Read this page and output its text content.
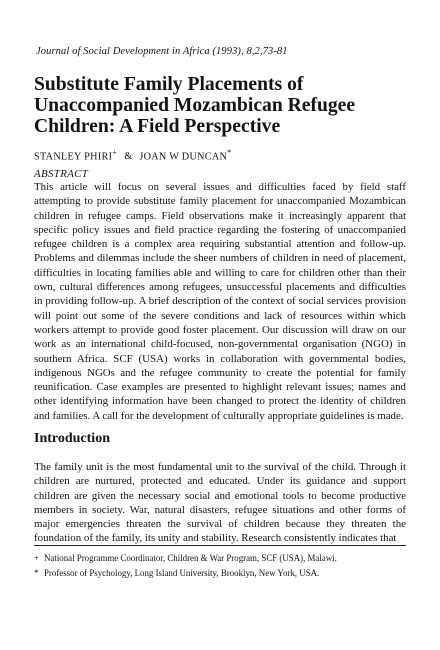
Journal of Social Development in Africa (1993), 8,2,73-81
Substitute Family Placements of Unaccompanied Mozambican Refugee Children: A Field Perspective
STANLEY PHIRI+ & JOAN W DUNCAN*
ABSTRACT

This article will focus on several issues and difficulties faced by field staff attempting to provide substitute family placement for unaccompanied Mozambican children in refugee camps. Field observations make it increasingly apparent that specific policy issues and field practice regarding the fostering of unaccompanied refugee children is a complex area requiring substantial attention and follow-up. Problems and dilemmas include the sheer numbers of children in need of placement, difficulties in locating families able and willing to care for children other than their own, cultural differences among refugees, unsuccessful placements and difficulties in providing follow-up. A brief description of the context of social services provision will point out some of the severe conditions and lack of resources within which workers attempt to provide good foster placement. Our discussion will draw on our work as an international child-focused, non-governmental organisation (NGO) in southern Africa. SCF (USA) works in collaboration with governmental bodies, indigenous NGOs and the refugee community to create the potential for family reunification. Case examples are presented to highlight relevant issues; names and other identifying information have been changed to protect the identity of children and families. A call for the development of culturally appropriate guidelines is made.

Introduction

The family unit is the most fundamental unit to the survival of the child. Through it children are nurtured, protected and educated. Under its guidance and support children are given the necessary social and emotional tools to become productive members in society. War, natural disasters, refugee situations and other forms of major emergencies threaten the survival of children because they threaten the foundation of the family, its unity and stability. Research consistently indicates that

+ National Programme Coordinator, Children & War Program, SCF (USA), Malawi.
* Professor of Psychology, Long Island University, Brooklyn, New York, USA.
